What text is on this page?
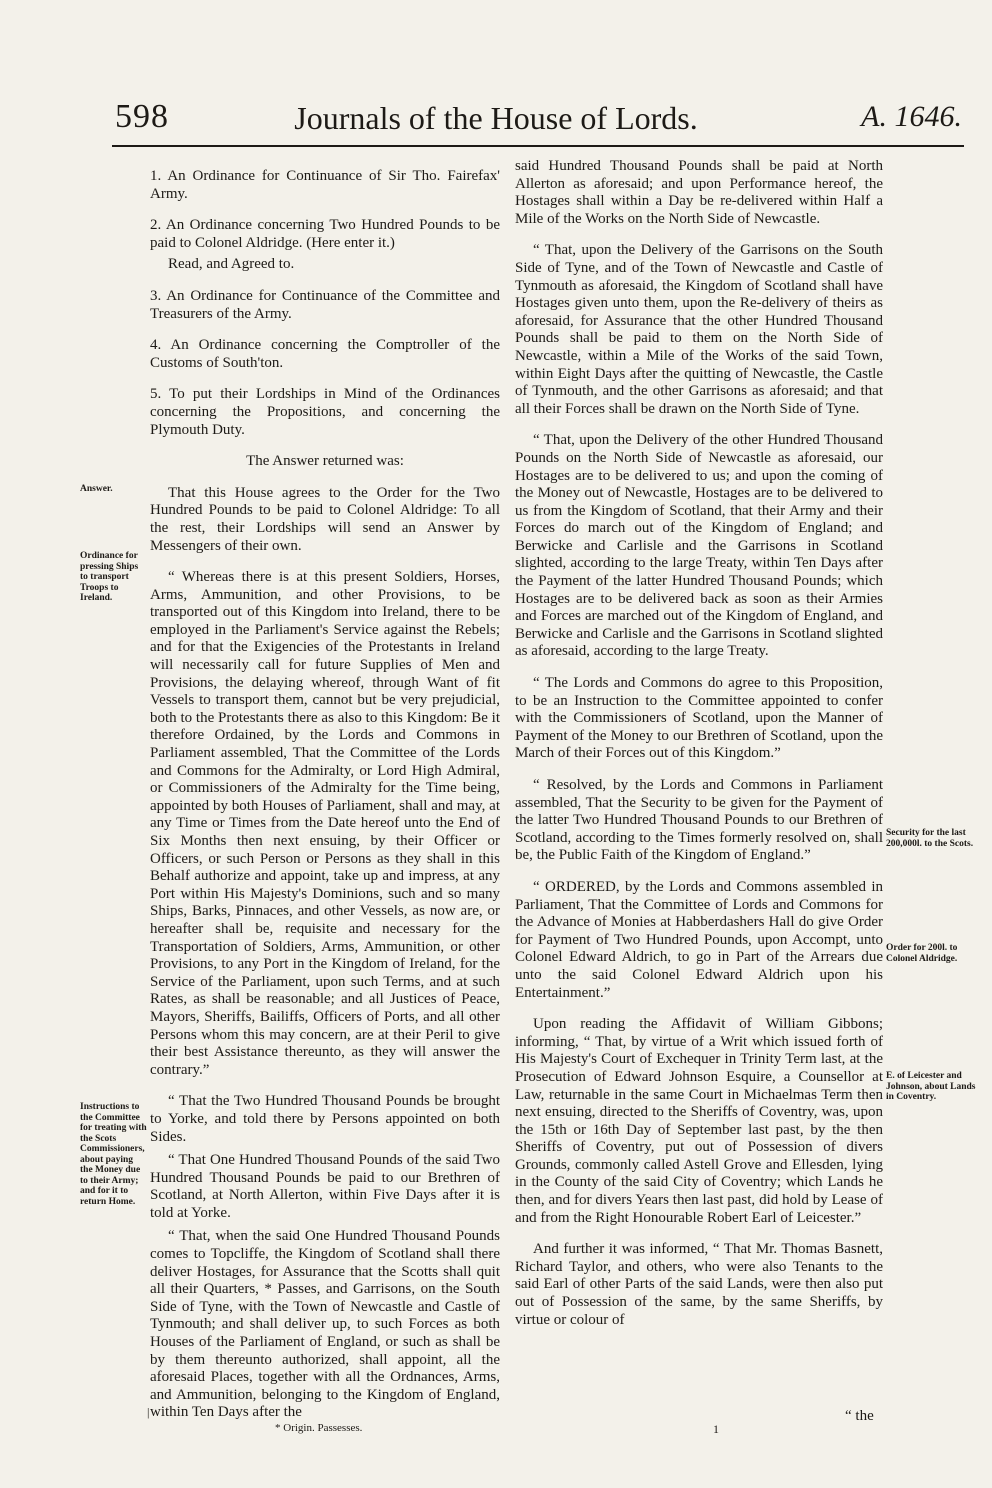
598	Journals of the House of Lords.	A. 1646.

1. An Ordinance for Continuance of Sir Tho. Fairefax' Army.

2. An Ordinance concerning Two Hundred Pounds to be paid to Colonel Aldridge. (Here enter it.)

Read, and Agreed to.

3. An Ordinance for Continuance of the Committee and Treasurers of the Army.

4. An Ordinance concerning the Comptroller of the Customs of South'ton.

5. To put their Lordships in Mind of the Ordinances concerning the Propositions, and concerning the Plymouth Duty.

The Answer returned was:

That this House agrees to the Order for the Two Hundred Pounds to be paid to Colonel Aldridge: To all the rest, their Lordships will send an Answer by Messengers of their own.

“ Whereas there is at this present Soldiers, Horses, Arms, Ammunition, and other Provisions, to be transported out of this Kingdom into Ireland, there to be employed in the Parliament's Service against the Rebels; and for that the Exigencies of the Protestants in Ireland will necessarily call for future Supplies of Men and Provisions, the delaying whereof, through Want of fit Vessels to transport them, cannot but be very prejudicial, both to the Protestants there as also to this Kingdom: Be it therefore Ordained, by the Lords and Commons in Parliament assembled, That the Committee of the Lords and Commons for the Admiralty, or Lord High Admiral, or Commissioners of the Admiralty for the Time being, appointed by both Houses of Parliament, shall and may, at any Time or Times from the Date hereof unto the End of Six Months then next ensuing, by their Officer or Officers, or such Person or Persons as they shall in this Behalf authorize and appoint, take up and impress, at any Port within His Majesty's Dominions, such and so many Ships, Barks, Pinnaces, and other Vessels, as now are, or hereafter shall be, requisite and necessary for the Transportation of Soldiers, Arms, Ammunition, or other Provisions, to any Port in the Kingdom of Ireland, for the Service of the Parliament, upon such Terms, and at such Rates, as shall be reasonable; and all Justices of Peace, Mayors, Sheriffs, Bailiffs, Officers of Ports, and all other Persons whom this may concern, are at their Peril to give their best Assistance thereunto, as they will answer the contrary.”

“ That the Two Hundred Thousand Pounds be brought to Yorke, and told there by Persons appointed on both Sides.

“ That One Hundred Thousand Pounds of the said Two Hundred Thousand Pounds be paid to our Brethren of Scotland, at North Allerton, within Five Days after it is told at Yorke.

“ That, when the said One Hundred Thousand Pounds comes to Topcliffe, the Kingdom of Scotland shall there deliver Hostages, for Assurance that the Scotts shall quit all their Quarters, * Passes, and Garrisons, on the South Side of Tyne, with the Town of Newcastle and Castle of Tynmouth; and shall deliver up, to such Forces as both Houses of the Parliament of England, or such as shall be by them thereunto authorized, shall appoint, all the aforesaid Places, together with all the Ordnances, Arms, and Ammunition, belonging to the Kingdom of England, within Ten Days after the

said Hundred Thousand Pounds shall be paid at North Allerton as aforesaid; and upon Performance hereof, the Hostages shall within a Day be re-delivered within Half a Mile of the Works on the North Side of Newcastle.

“ That, upon the Delivery of the Garrisons on the South Side of Tyne, and of the Town of Newcastle and Castle of Tynmouth as aforesaid, the Kingdom of Scotland shall have Hostages given unto them, upon the Re-delivery of theirs as aforesaid, for Assurance that the other Hundred Thousand Pounds shall be paid to them on the North Side of Newcastle, within a Mile of the Works of the said Town, within Eight Days after the quitting of Newcastle, the Castle of Tynmouth, and the other Garrisons as aforesaid; and that all their Forces shall be drawn on the North Side of Tyne.

“ That, upon the Delivery of the other Hundred Thousand Pounds on the North Side of Newcastle as aforesaid, our Hostages are to be delivered to us; and upon the coming of the Money out of Newcastle, Hostages are to be delivered to us from the Kingdom of Scotland, that their Army and their Forces do march out of the Kingdom of England; and Berwicke and Carlisle and the Garrisons in Scotland slighted, according to the large Treaty, within Ten Days after the Payment of the latter Hundred Thousand Pounds; which Hostages are to be delivered back as soon as their Armies and Forces are marched out of the Kingdom of England, and Berwicke and Carlisle and the Garrisons in Scotland slighted as aforesaid, according to the large Treaty.

“ The Lords and Commons do agree to this Proposition, to be an Instruction to the Committee appointed to confer with the Commissioners of Scotland, upon the Manner of Payment of the Money to our Brethren of Scotland, upon the March of their Forces out of this Kingdom.”

“ Resolved, by the Lords and Commons in Parliament assembled, That the Security to be given for the Payment of the latter Two Hundred Thousand Pounds to our Brethren of Scotland, according to the Times formerly resolved on, shall be, the Public Faith of the Kingdom of England.”

“ ORDERED, by the Lords and Commons assembled in Parliament, That the Committee of Lords and Commons for the Advance of Monies at Habberdashers Hall do give Order for Payment of Two Hundred Pounds, upon Accompt, unto Colonel Edward Aldrich, to go in Part of the Arrears due unto the said Colonel Edward Aldrich upon his Entertainment.”

Upon reading the Affidavit of William Gibbons; informing, “ That, by virtue of a Writ which issued forth of His Majesty's Court of Exchequer in Trinity Term last, at the Prosecution of Edward Johnson Esquire, a Counsellor at Law, returnable in the same Court in Michaelmas Term then next ensuing, directed to the Sheriffs of Coventry, was, upon the 15th or 16th Day of September last past, by the then Sheriffs of Coventry, put out of Possession of divers Grounds, commonly called Astell Grove and Ellesden, lying in the County of the said City of Coventry; which Lands he then, and for divers Years then last past, did hold by Lease of and from the Right Honourable Robert Earl of Leicester.”

And further it was informed, “ That Mr. Thomas Basnett, Richard Taylor, and others, who were also Tenants to the said Earl of other Parts of the said Lands, were then also put out of Possession of the same, by the same Sheriffs, by virtue or colour of

Answer.
Ordinance for pressing Ships to transport Troops to Ireland.
Instructions to the Committee for treating with the Scots Commissioners, about paying the Money due to their Army; and for it to return Home.
Security for the last 200,000l. to the Scots.
Order for 200l. to Colonel Aldridge.
E. of Leicester and Johnson, about Lands in Coventry.
|
* Origin. Passesses.	1
“ the
